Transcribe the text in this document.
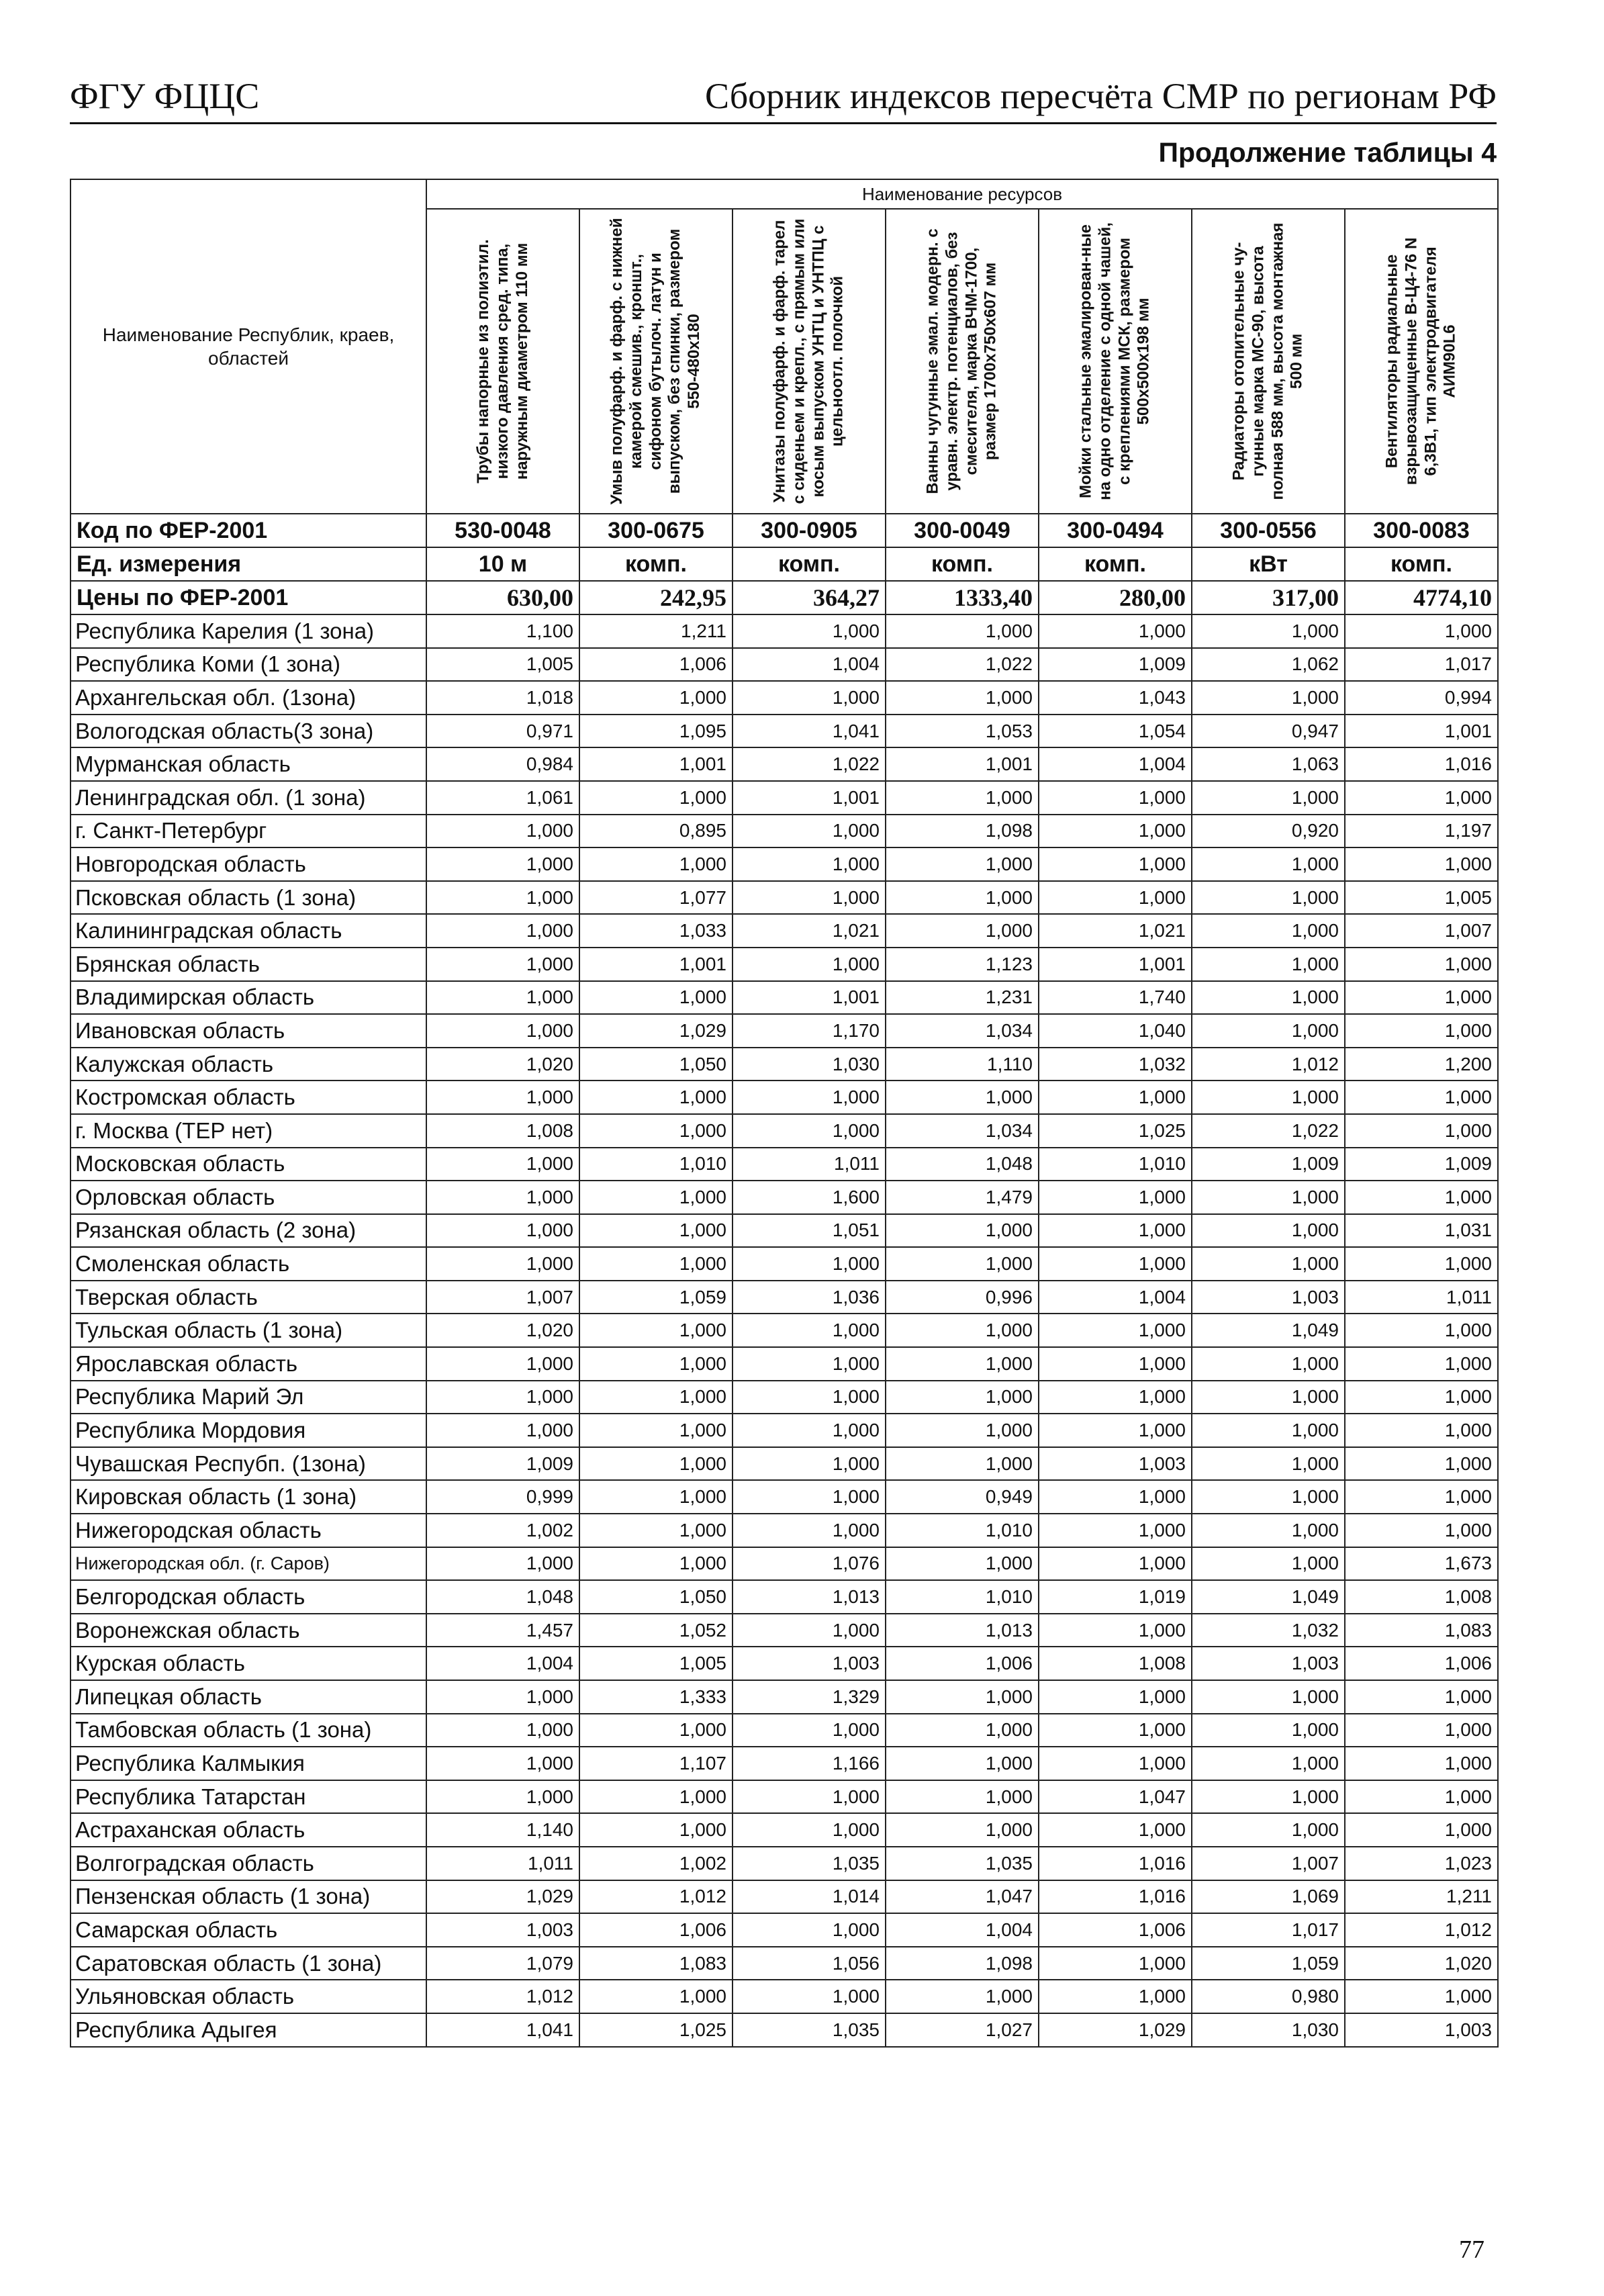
ФГУ ФЦЦС	Сборник индексов пересчёта СМР по регионам РФ
Продолжение таблицы 4
Наименование Республик, краев, областей	Наименование ресурсов						

	Трубы напорные из полиэтил. низкого давления сред. типа, наружным диаметром 110 мм	Умыв полуфарф. и фарф. с нижней камерой смешив., кроншт., сифоном бутылоч. латун и выпуском, без спинки, размером 550-480х180	Унитазы полуфарф. и фарф. тарел с сиденьем и крепл., с прямым или косым выпуском УНТЦ и УНТПЦ с цельноотл. полочкой	Ванны чугунные эмал. модерн. с уравн. электр. потенциалов, без смесителя, марка ВЧМ-1700, размер 1700х750х607 мм	Мойки стальные эмалирован-ные на одно отделение с одной чашей, с креплениями МСК, размером 500х500х198 мм	Радиаторы отопительные чу-гунные марка МС-90, высота полная 588 мм, высота монтажная 500 мм	Вентиляторы радиальные взрывозащищенные В-Ц4-76 N 6,3В1, тип электродвигателя АИМ90L6

Код по ФЕР-2001	530-0048	300-0675	300-0905	300-0049	300-0494	300-0556	300-0083
Ед. измерения	10 м	комп.	комп.	комп.	комп.	кВт	комп.
Цены по ФЕР-2001	630,00	242,95	364,27	1333,40	280,00	317,00	4774,10
Республика Карелия (1 зона)	1,100	1,211	1,000	1,000	1,000	1,000	1,000
Республика Коми (1 зона)	1,005	1,006	1,004	1,022	1,009	1,062	1,017
Архангельская обл. (1зона)	1,018	1,000	1,000	1,000	1,043	1,000	0,994
Вологодская область(3 зона)	0,971	1,095	1,041	1,053	1,054	0,947	1,001
Мурманская область	0,984	1,001	1,022	1,001	1,004	1,063	1,016
Ленинградская обл. (1 зона)	1,061	1,000	1,001	1,000	1,000	1,000	1,000
г. Санкт-Петербург	1,000	0,895	1,000	1,098	1,000	0,920	1,197
Новгородская область	1,000	1,000	1,000	1,000	1,000	1,000	1,000
Псковская область (1 зона)	1,000	1,077	1,000	1,000	1,000	1,000	1,005
Калининградская область	1,000	1,033	1,021	1,000	1,021	1,000	1,007
Брянская область	1,000	1,001	1,000	1,123	1,001	1,000	1,000
Владимирская область	1,000	1,000	1,001	1,231	1,740	1,000	1,000
Ивановская область	1,000	1,029	1,170	1,034	1,040	1,000	1,000
Калужская область	1,020	1,050	1,030	1,110	1,032	1,012	1,200
Костромская область	1,000	1,000	1,000	1,000	1,000	1,000	1,000
г. Москва (ТЕР нет)	1,008	1,000	1,000	1,034	1,025	1,022	1,000
Московская область	1,000	1,010	1,011	1,048	1,010	1,009	1,009
Орловская область	1,000	1,000	1,600	1,479	1,000	1,000	1,000
Рязанская область (2 зона)	1,000	1,000	1,051	1,000	1,000	1,000	1,031
Смоленская область	1,000	1,000	1,000	1,000	1,000	1,000	1,000
Тверская область	1,007	1,059	1,036	0,996	1,004	1,003	1,011
Тульская область (1 зона)	1,020	1,000	1,000	1,000	1,000	1,049	1,000
Ярославская область	1,000	1,000	1,000	1,000	1,000	1,000	1,000
Республика Марий Эл	1,000	1,000	1,000	1,000	1,000	1,000	1,000
Республика Мордовия	1,000	1,000	1,000	1,000	1,000	1,000	1,000
Чувашская Респубп. (1зона)	1,009	1,000	1,000	1,000	1,003	1,000	1,000
Кировская область (1 зона)	0,999	1,000	1,000	0,949	1,000	1,000	1,000
Нижегородская область	1,002	1,000	1,000	1,010	1,000	1,000	1,000
Нижегородская обл. (г. Саров)	1,000	1,000	1,076	1,000	1,000	1,000	1,673
Белгородская область	1,048	1,050	1,013	1,010	1,019	1,049	1,008
Воронежская область	1,457	1,052	1,000	1,013	1,000	1,032	1,083
Курская область	1,004	1,005	1,003	1,006	1,008	1,003	1,006
Липецкая область	1,000	1,333	1,329	1,000	1,000	1,000	1,000
Тамбовская область (1 зона)	1,000	1,000	1,000	1,000	1,000	1,000	1,000
Республика Калмыкия	1,000	1,107	1,166	1,000	1,000	1,000	1,000
Республика Татарстан	1,000	1,000	1,000	1,000	1,047	1,000	1,000
Астраханская область	1,140	1,000	1,000	1,000	1,000	1,000	1,000
Волгоградская область	1,011	1,002	1,035	1,035	1,016	1,007	1,023
Пензенская область (1 зона)	1,029	1,012	1,014	1,047	1,016	1,069	1,211
Самарская область	1,003	1,006	1,000	1,004	1,006	1,017	1,012
Саратовская область (1 зона)	1,079	1,083	1,056	1,098	1,000	1,059	1,020
Ульяновская область	1,012	1,000	1,000	1,000	1,000	0,980	1,000
Республика Адыгея	1,041	1,025	1,035	1,027	1,029	1,030	1,003
77
